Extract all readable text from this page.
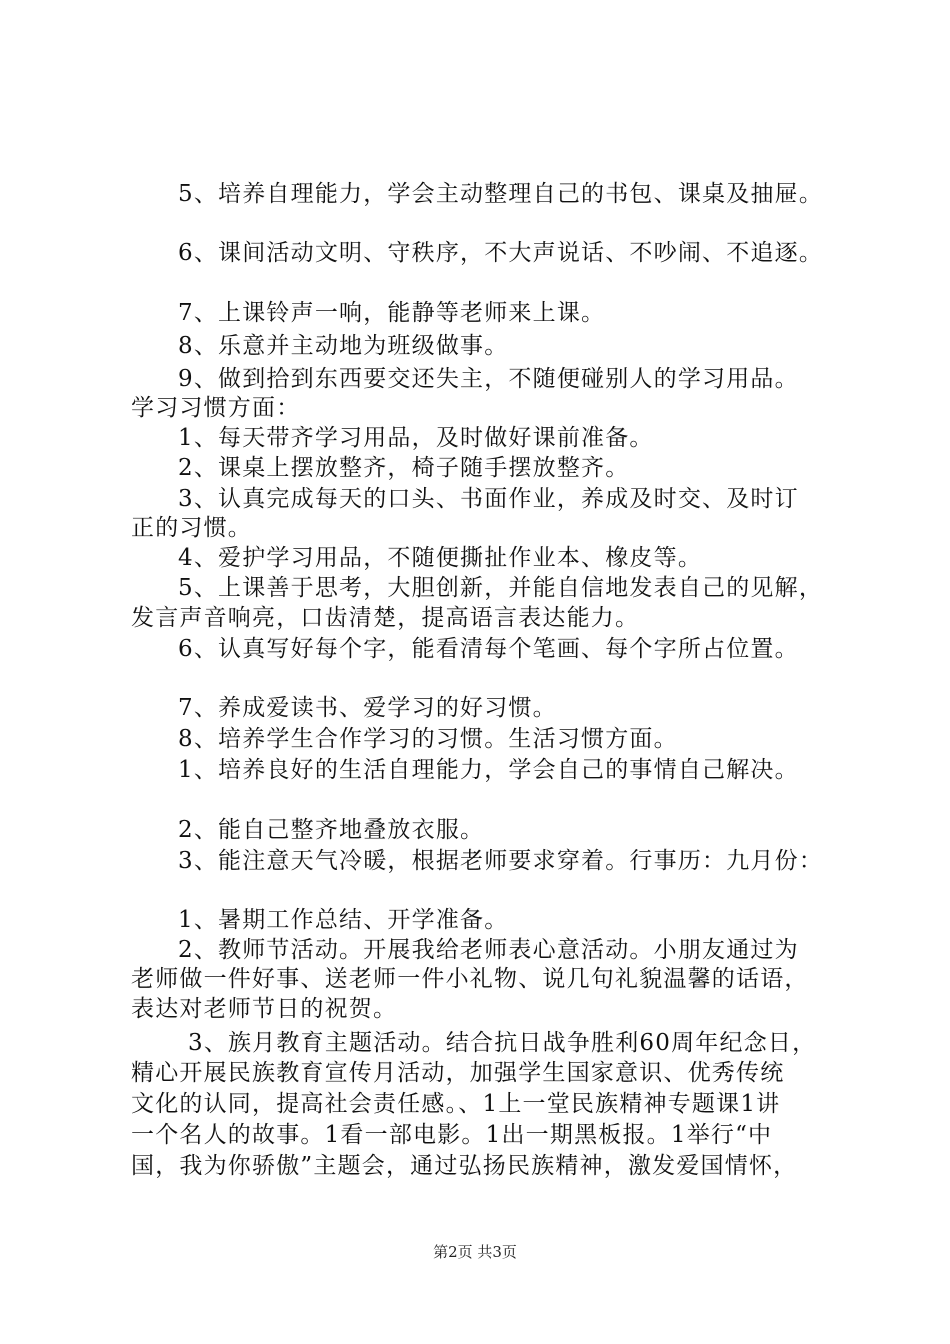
5、培养自理能力，学会主动整理自己的书包、课桌及抽屉。
6、课间活动文明、守秩序，不大声说话、不吵闹、不追逐。
7、上课铃声一响，能静等老师来上课。
8、乐意并主动地为班级做事。
9、做到拾到东西要交还失主，不随便碰别人的学习用品。
学习习惯方面：
1、每天带齐学习用品，及时做好课前准备。
2、课桌上摆放整齐，椅子随手摆放整齐。
3、认真完成每天的口头、书面作业，养成及时交、及时订
正的习惯。
4、爱护学习用品，不随便撕扯作业本、橡皮等。
5、上课善于思考，大胆创新，并能自信地发表自己的见解，
发言声音响亮，口齿清楚，提高语言表达能力。
6、认真写好每个字，能看清每个笔画、每个字所占位置。
7、养成爱读书、爱学习的好习惯。
8、培养学生合作学习的习惯。生活习惯方面。
1、培养良好的生活自理能力，学会自己的事情自己解决。
2、能自己整齐地叠放衣服。
3、能注意天气冷暖，根据老师要求穿着。行事历：九月份：
1、暑期工作总结、开学准备。
2、教师节活动。开展我给老师表心意活动。小朋友通过为
老师做一件好事、送老师一件小礼物、说几句礼貌温馨的话语，
表达对老师节日的祝贺。
3、族月教育主题活动。结合抗日战争胜利60周年纪念日，
精心开展民族教育宣传月活动，加强学生国家意识、优秀传统
文化的认同，提高社会责任感。、1上一堂民族精神专题课1讲
一个名人的故事。1看一部电影。1出一期黑板报。1举行“中
国，我为你骄傲”主题会，通过弘扬民族精神，激发爱国情怀，
第2页 共3页
